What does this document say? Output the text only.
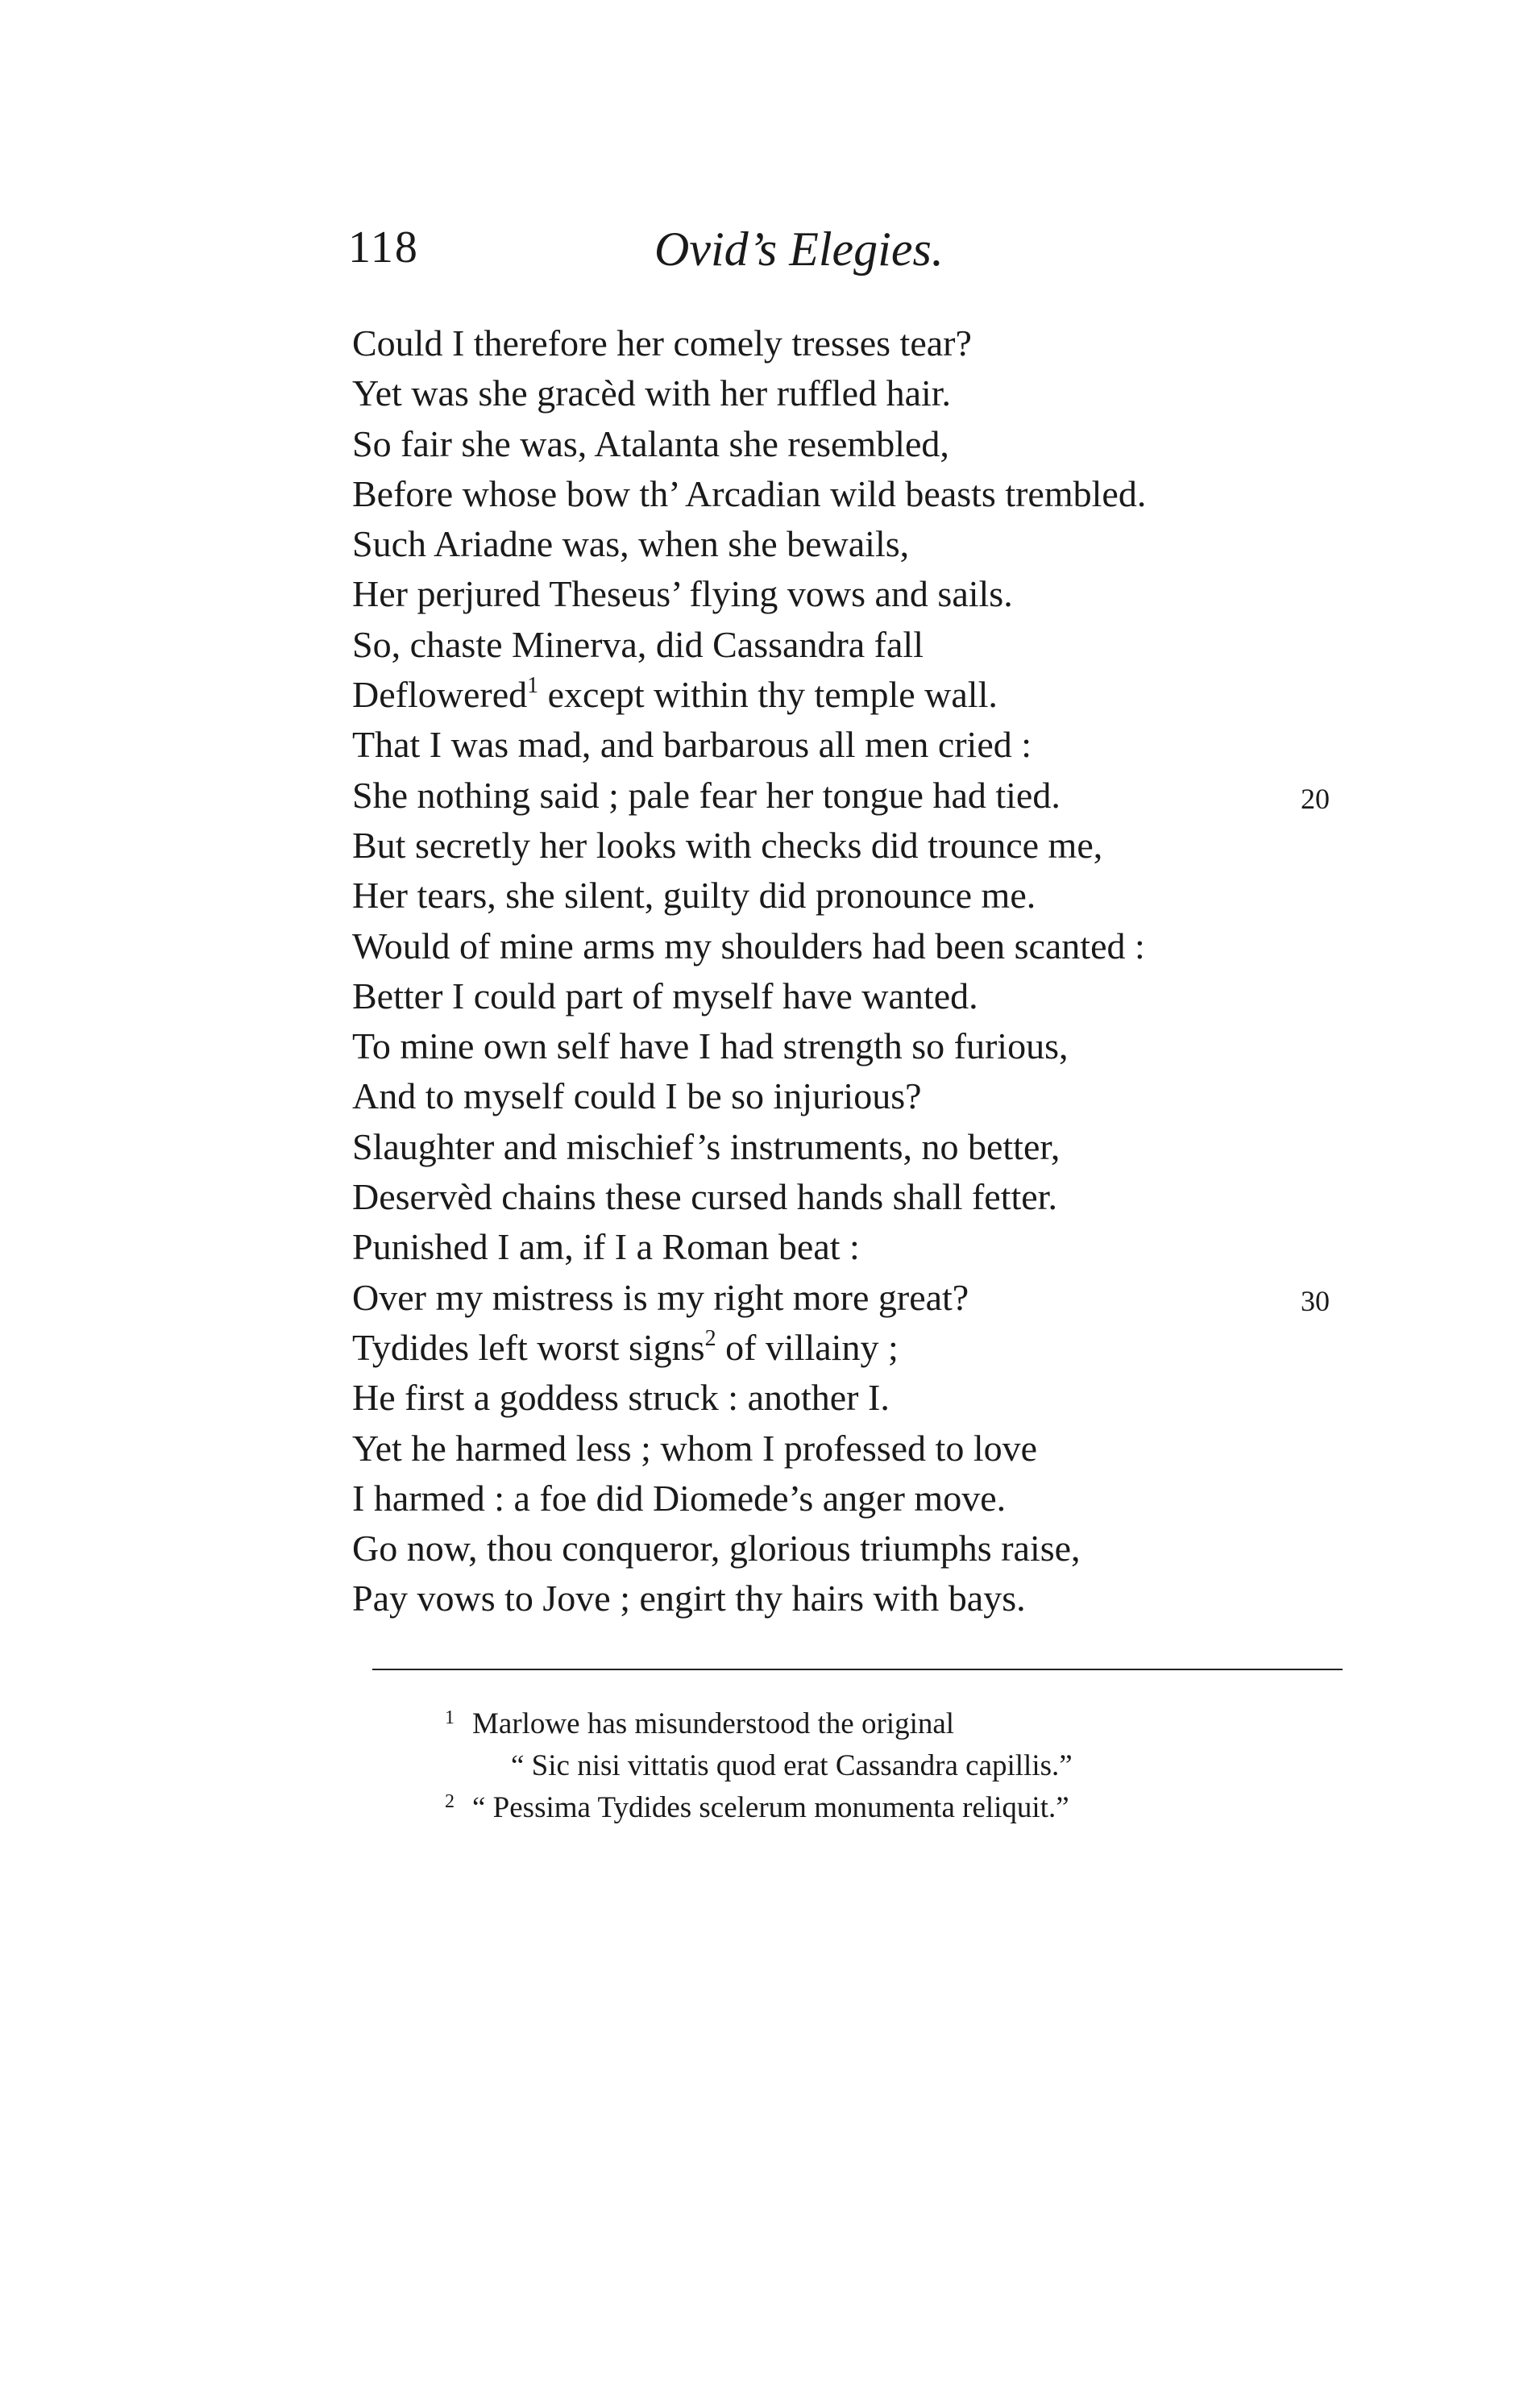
118	Ovid’s Elegies.
Could I therefore her comely tresses tear?
Yet was she gracèd with her ruffled hair.
So fair she was, Atalanta she resembled,
Before whose bow th’ Arcadian wild beasts trembled.
Such Ariadne was, when she bewails,
Her perjured Theseus’ flying vows and sails.
So, chaste Minerva, did Cassandra fall
Deflowered$^1$ except within thy temple wall.
That I was mad, and barbarous all men cried :
She nothing said ; pale fear her tongue had tied.	20
But secretly her looks with checks did trounce me,
Her tears, she silent, guilty did pronounce me.
Would of mine arms my shoulders had been scanted :
Better I could part of myself have wanted.
To mine own self have I had strength so furious,
And to myself could I be so injurious?
Slaughter and mischief’s instruments, no better,
Deservèd chains these cursed hands shall fetter.
Punished I am, if I a Roman beat :
Over my mistress is my right more great?	30
Tydides left worst signs$^2$ of villainy ;
He first a goddess struck : another I.
Yet he harmed less ; whom I professed to love
I harmed : a foe did Diomede’s anger move.
Go now, thou conqueror, glorious triumphs raise,
Pay vows to Jove ; engirt thy hairs with bays.
1 Marlowe has misunderstood the original
“ Sic nisi vittatis quod erat Cassandra capillis.”
2 “ Pessima Tydides scelerum monumenta reliquit.”
